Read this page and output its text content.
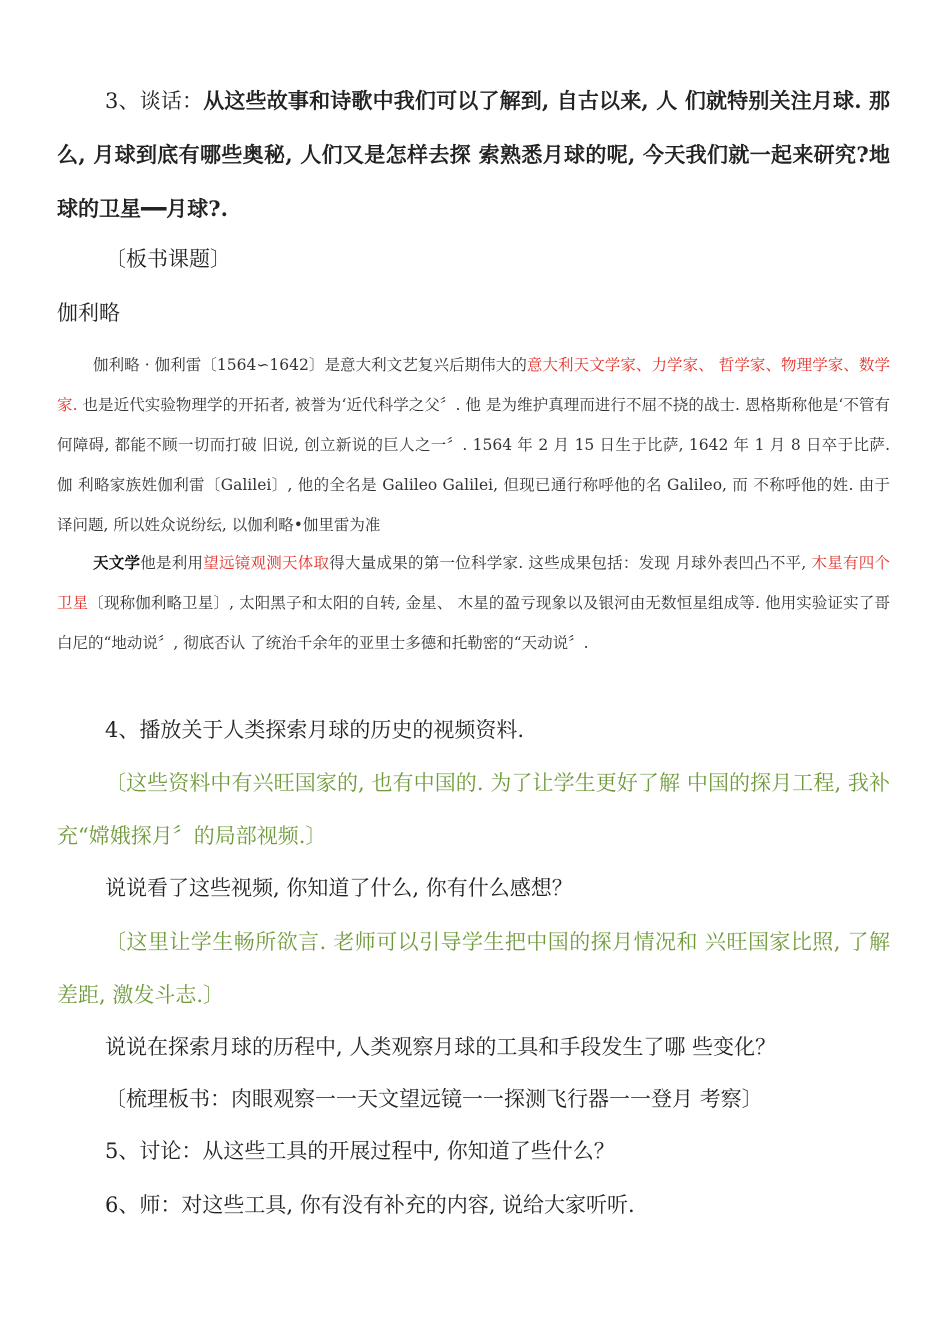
3、谈话：从这些故事和诗歌中我们可以了解到, 自古以来, 人 们就特别关注月球. 那么, 月球到底有哪些奥秘, 人们又是怎样去探 索熟悉月球的呢, 今天我们就一起来研究?地球的卫星━━月球?.

〔板书课题〕

伽利略

伽利略 · 伽利雷〔1564∽1642〕是意大利文艺复兴后期伟大的意大利天文学家、力学家、 哲学家、物理学家、数学家. 也是近代实验物理学的开拓者, 被誉为‘近代科学之父〞. 他 是为维护真理而进行不屈不挠的战士. 恩格斯称他是‘不管有何障碍, 都能不顾一切而打破 旧说, 创立新说的巨人之一〞. 1564 年 2 月 15 日生于比萨, 1642 年 1 月 8 日卒于比萨. 伽 利略家族姓伽利雷〔Galilei〕, 他的全名是 Galileo Galilei, 但现已通行称呼他的名 Galileo, 而 不称呼他的姓. 由于译问题, 所以姓众说纷纭, 以伽利略•伽里雷为准

天文学他是利用望远镜观测天体取得大量成果的第一位科学家. 这些成果包括：发现 月球外表凹凸不平, 木星有四个卫星〔现称伽利略卫星〕, 太阳黑子和太阳的自转, 金星、 木星的盈亏现象以及银河由无数恒星组成等. 他用实验证实了哥白尼的“地动说〞, 彻底否认 了统治千余年的亚里士多德和托勒密的“天动说〞.

4、播放关于人类探索月球的历史的视频资料.

〔这些资料中有兴旺国家的, 也有中国的. 为了让学生更好了解 中国的探月工程, 我补充“嫦娥探月〞的局部视频.〕

说说看了这些视频, 你知道了什么, 你有什么感想？

〔这里让学生畅所欲言. 老师可以引导学生把中国的探月情况和 兴旺国家比照, 了解差距, 激发斗志.〕

说说在探索月球的历程中, 人类观察月球的工具和手段发生了哪 些变化？

〔梳理板书：肉眼观察一一天文望远镜一一探测飞行器一一登月 考察〕

5、讨论：从这些工具的开展过程中, 你知道了些什么？

6、师：对这些工具, 你有没有补充的内容, 说给大家听听.
